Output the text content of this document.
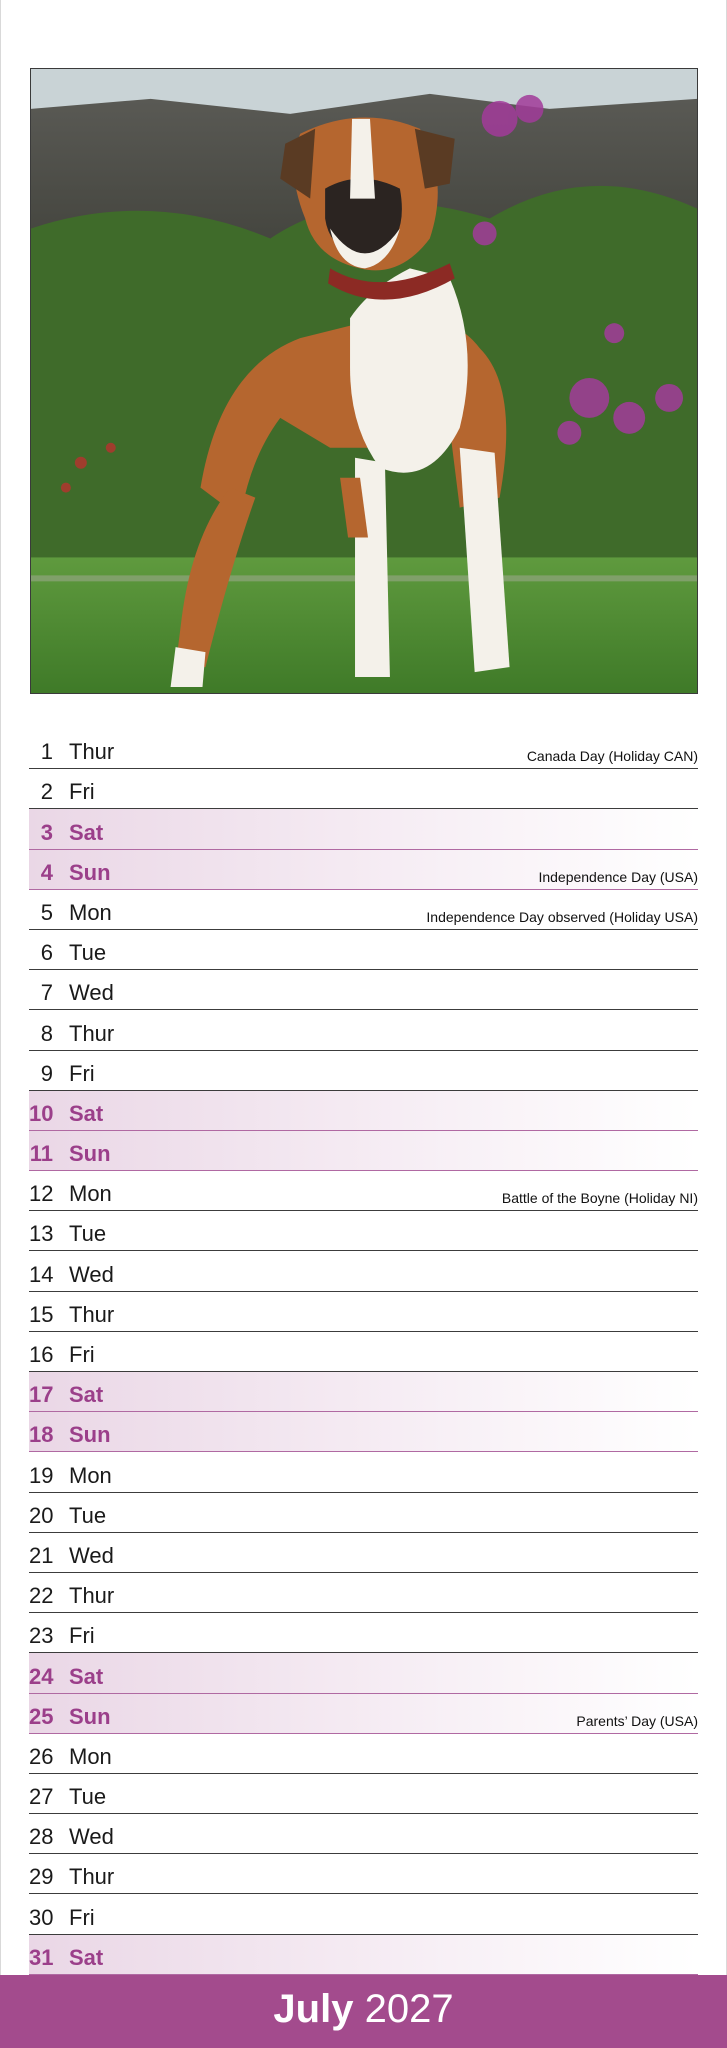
1 Thur	Canada Day (Holiday CAN)
2 Fri
3 Sat
4 Sun	Independence Day (USA)
5 Mon	Independence Day observed (Holiday USA)
6 Tue
7 Wed
8 Thur
9 Fri
10 Sat
11 Sun
12 Mon	Battle of the Boyne (Holiday NI)
13 Tue
14 Wed
15 Thur
16 Fri
17 Sat
18 Sun
19 Mon
20 Tue
21 Wed
22 Thur
23 Fri
24 Sat
25 Sun	Parents’ Day (USA)
26 Mon
27 Tue
28 Wed
29 Thur
30 Fri
31 Sat
July 2027
